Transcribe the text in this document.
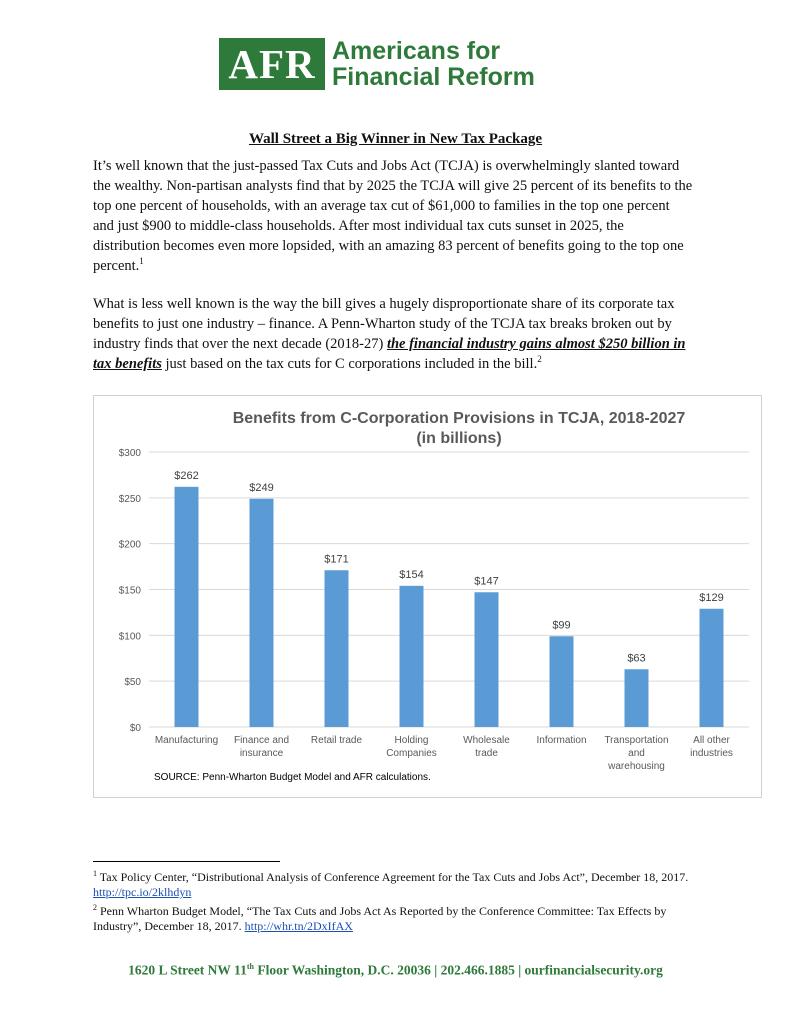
AFR Americans for
Financial Reform
Wall Street a Big Winner in New Tax Package

It’s well known that the just-passed Tax Cuts and Jobs Act (TCJA) is overwhelmingly slanted toward the wealthy. Non-partisan analysts find that by 2025 the TCJA will give 25 percent of its benefits to the top one percent of households, with an average tax cut of $61,000 to families in the top one percent and just $900 to middle-class households. After most individual tax cuts sunset in 2025, the distribution becomes even more lopsided, with an amazing 83 percent of benefits going to the top one percent.$^1$

What is less well known is the way the bill gives a hugely disproportionate share of its corporate tax benefits to just one industry – finance. A Penn-Wharton study of the TCJA tax breaks broken out by industry finds that over the next decade (2018-27) the financial industry gains almost $250 billion in tax benefits just based on the tax cuts for C corporations included in the bill.$^2$

Benefits from C-Corporation Provisions in TCJA, 2018-2027
(in billions)
$0
$50
$100
$150
$200
$250
$300
$262
Manufacturing
$249
Finance and
insurance
$171
Retail trade
$154
Holding
Companies
$147
Wholesale
trade
$99
Information
$63
Transportation
and
warehousing
$129
All other
industries
SOURCE: Penn-Wharton Budget Model and AFR calculations.

$^1$ Tax Policy Center, “Distributional Analysis of Conference Agreement for the Tax Cuts and Jobs Act”, December 18, 2017. http://tpc.io/2klhdyn

$^2$ Penn Wharton Budget Model, “The Tax Cuts and Jobs Act As Reported by the Conference Committee: Tax Effects by Industry”, December 18, 2017. http://whr.tn/2DxIfAX

1620 L Street NW 11th Floor Washington, D.C. 20036 | 202.466.1885 | ourfinancialsecurity.org
